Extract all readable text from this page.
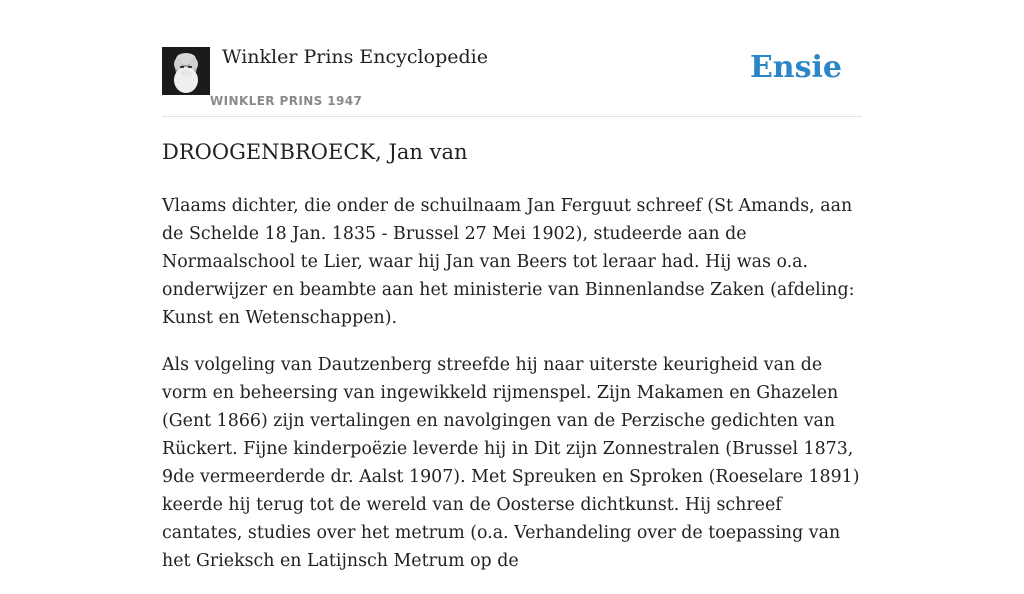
Winkler Prins Encyclopedie
WINKLER PRINS 1947
Ensie
DROOGENBROECK, Jan van

Vlaams dichter, die onder de schuilnaam Jan Ferguut schreef (St Amands, aan de Schelde 18 Jan. 1835 - Brussel 27 Mei 1902), studeerde aan de Normaalschool te Lier, waar hij Jan van Beers tot leraar had. Hij was o.a. onderwijzer en beambte aan het ministerie van Binnenlandse Zaken (afdeling: Kunst en Wetenschappen).

Als volgeling van Dautzenberg streefde hij naar uiterste keurigheid van de vorm en beheersing van ingewikkeld rijmenspel. Zijn Makamen en Ghazelen (Gent 1866) zijn vertalingen en navolgingen van de Perzische gedichten van Rückert. Fijne kinderpoëzie leverde hij in Dit zijn Zonnestralen (Brussel 1873, 9de vermeerderde dr. Aalst 1907). Met Spreuken en Sproken (Roeselare 1891) keerde hij terug tot de wereld van de Oosterse dichtkunst. Hij schreef cantates, studies over het metrum (o.a. Verhandeling over de toepassing van het Grieksch en Latijnsch Metrum op de
